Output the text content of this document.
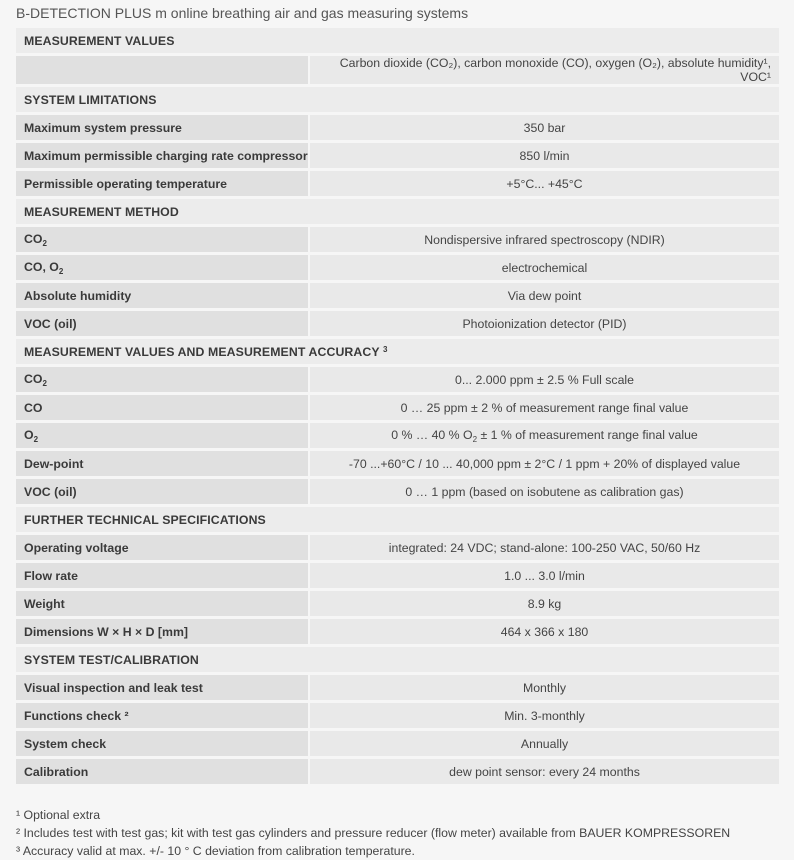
B-DETECTION PLUS m online breathing air and gas measuring systems
MEASUREMENT VALUES	
	Carbon dioxide (CO₂), carbon monoxide (CO), oxygen (O₂), absolute humidity¹, VOC¹
SYSTEM LIMITATIONS	
Maximum system pressure	350 bar
Maximum permissible charging rate compressor	850 l/min
Permissible operating temperature	+5°C... +45°C
MEASUREMENT METHOD	
$CO_2$	Nondispersive infrared spectroscopy (NDIR)
CO, $O_2$	electrochemical
Absolute humidity	Via dew point
VOC (oil)	Photoionization detector (PID)
MEASUREMENT VALUES AND MEASUREMENT ACCURACY $^3$
$CO_2$	0... 2.000 ppm ± 2.5 % Full scale
CO	0 … 25 ppm ± 2 % of measurement range final value
$O_2$	0 % … 40 % $O_2 \pm 1$ % of measurement range final value
Dew-point	-70 ...+60°C / 10 ... 40,000 ppm ± 2°C / 1 ppm + 20% of displayed value
VOC (oil)	0 … 1 ppm (based on isobutene as calibration gas)
FURTHER TECHNICAL SPECIFICATIONS	
Operating voltage	integrated: 24 VDC; stand-alone: 100-250 VAC, 50/60 Hz
Flow rate	1.0 ... 3.0 l/min
Weight	8.9 kg
Dimensions W × H × D [mm]	464 x 366 x 180
SYSTEM TEST/CALIBRATION	
Visual inspection and leak test	Monthly
Functions check ²	Min. 3-monthly
System check	Annually
Calibration	dew point sensor: every 24 months
¹ Optional extra
² Includes test with test gas; kit with test gas cylinders and pressure reducer (flow meter) available from BAUER KOMPRESSOREN
³ Accuracy valid at max. +/- 10 ° C deviation from calibration temperature.
